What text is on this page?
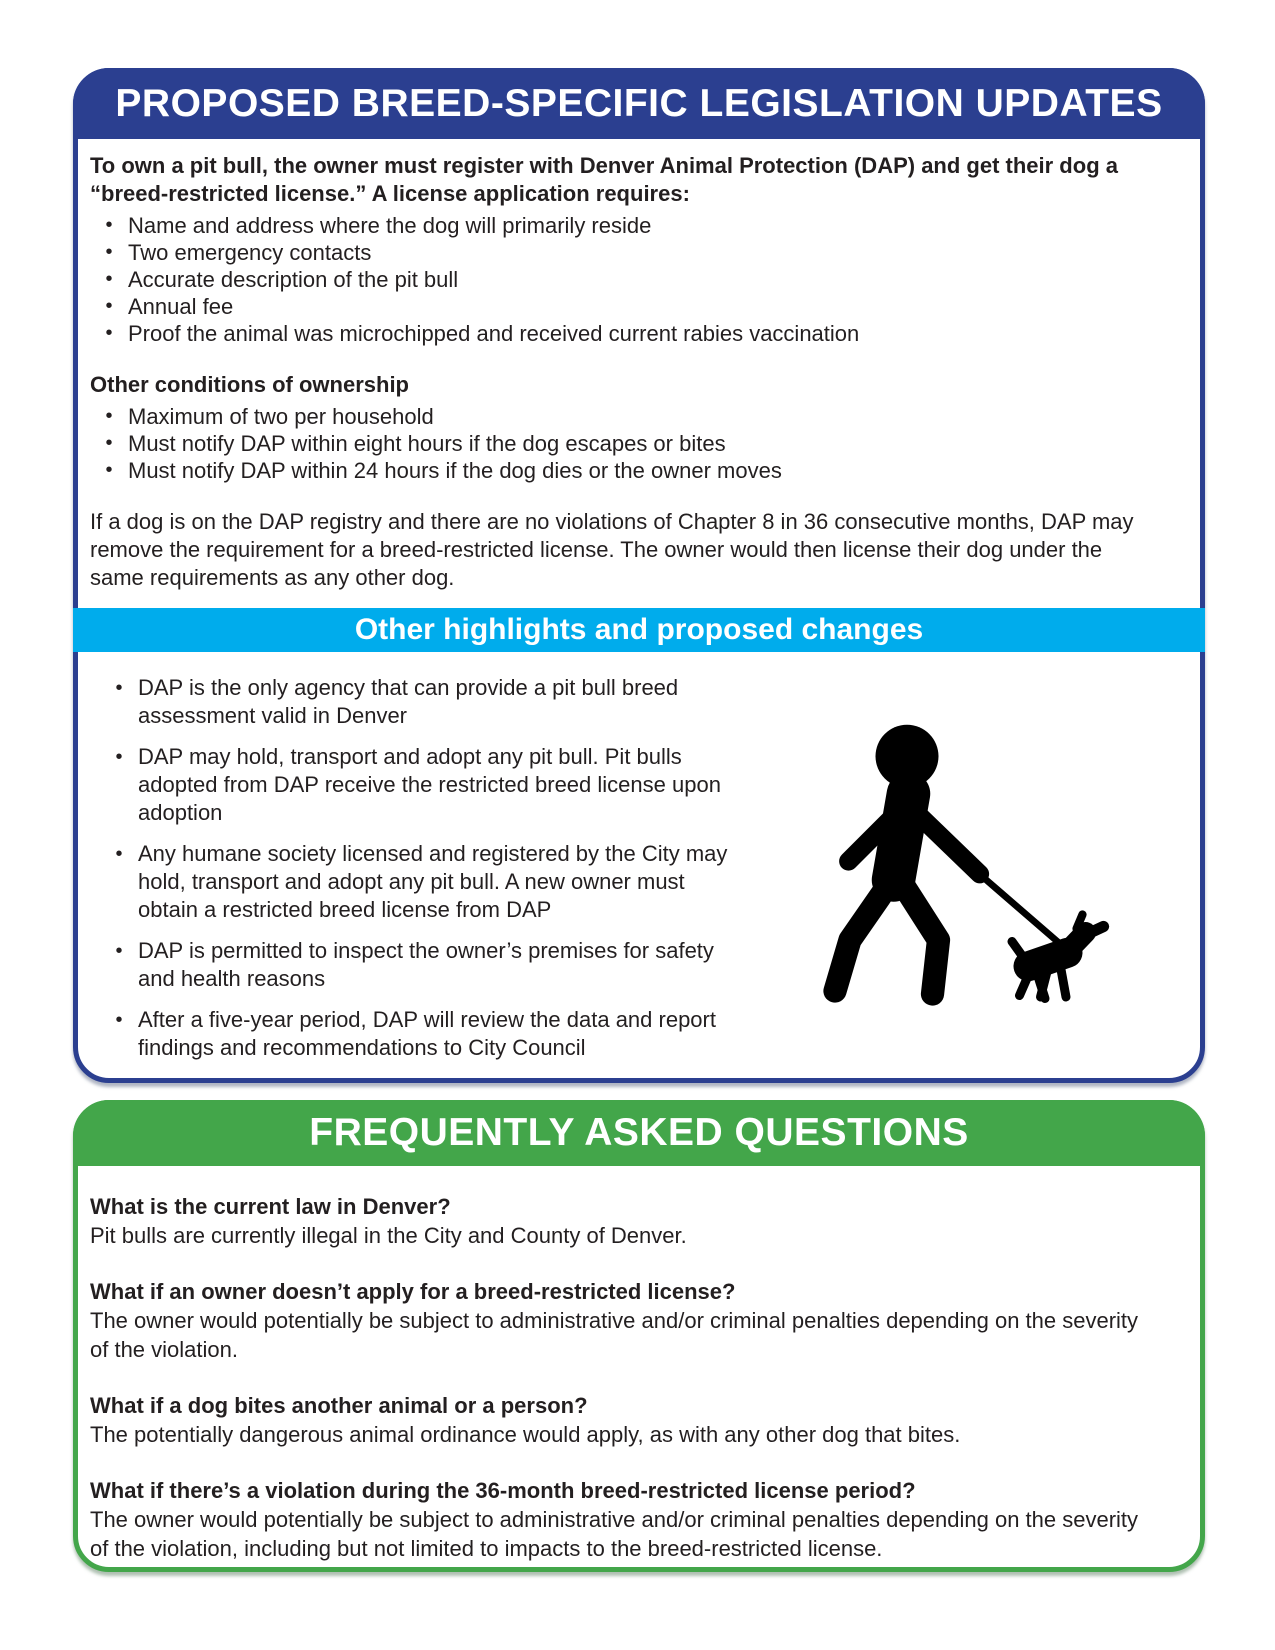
PROPOSED BREED-SPECIFIC LEGISLATION UPDATES

To own a pit bull, the owner must register with Denver Animal Protection (DAP) and get their dog a “breed-restricted license.” A license application requires:

• Name and address where the dog will primarily reside
• Two emergency contacts
• Accurate description of the pit bull
• Annual fee
• Proof the animal was microchipped and received current rabies vaccination

Other conditions of ownership

• Maximum of two per household
• Must notify DAP within eight hours if the dog escapes or bites
• Must notify DAP within 24 hours if the dog dies or the owner moves

If a dog is on the DAP registry and there are no violations of Chapter 8 in 36 consecutive months, DAP may remove the requirement for a breed-restricted license. The owner would then license their dog under the same requirements as any other dog.

Other highlights and proposed changes
• DAP is the only agency that can provide a pit bull breed assessment valid in Denver
• DAP may hold, transport and adopt any pit bull. Pit bulls adopted from DAP receive the restricted breed license upon adoption
• Any humane society licensed and registered by the City may hold, transport and adopt any pit bull. A new owner must obtain a restricted breed license from DAP
• DAP is permitted to inspect the owner’s premises for safety and health reasons
• After a five-year period, DAP will review the data and report findings and recommendations to City Council
FREQUENTLY ASKED QUESTIONS

What is the current law in Denver?

Pit bulls are currently illegal in the City and County of Denver.

What if an owner doesn’t apply for a breed-restricted license?

The owner would potentially be subject to administrative and/or criminal penalties depending on the severity of the violation.

What if a dog bites another animal or a person?

The potentially dangerous animal ordinance would apply, as with any other dog that bites.

What if there’s a violation during the 36-month breed-restricted license period?

The owner would potentially be subject to administrative and/or criminal penalties depending on the severity of the violation, including but not limited to impacts to the breed-restricted license.
